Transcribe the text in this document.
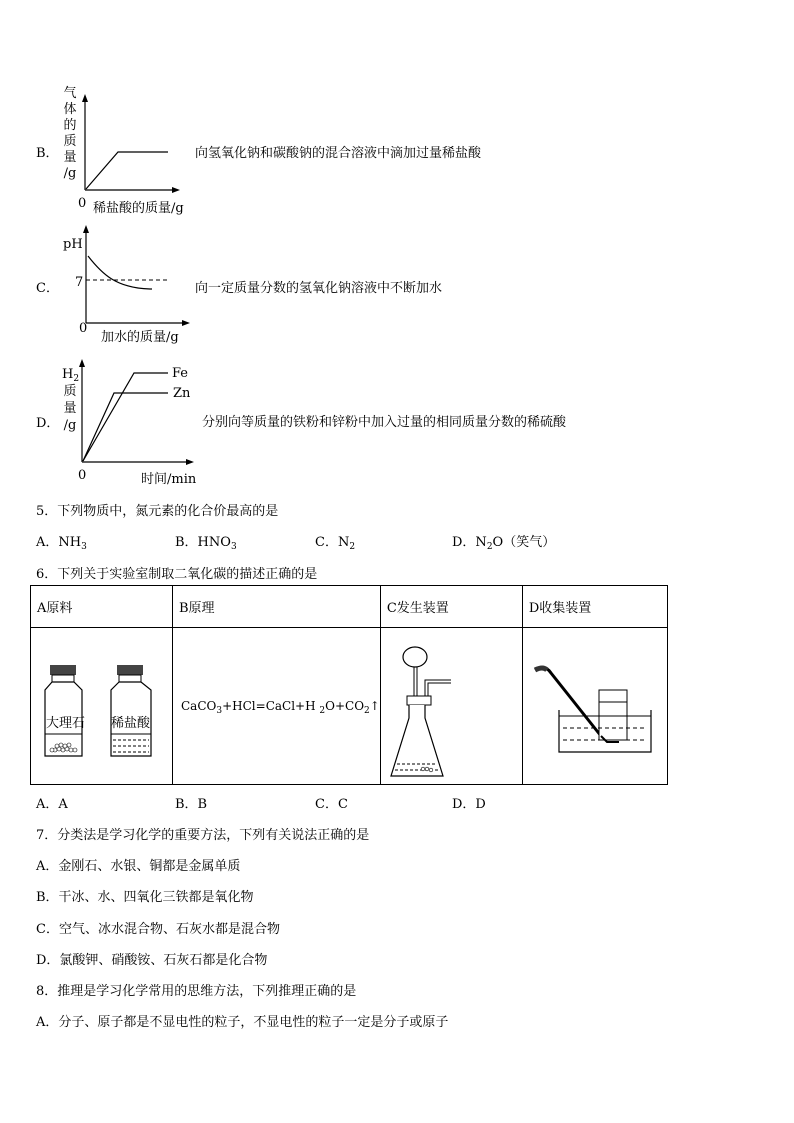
B．
气
体
的
质
量
/g
0 稀盐酸的质量/g
向氢氧化钠和碳酸钠的混合溶液中滴加过量稀盐酸
C．
pH
7
0
加水的质量/g
向一定质量分数的氢氧化钠溶液中不断加水
D．
$H_2$
质
量
/g
Fe
Zn
0	时间/min
分别向等质量的铁粉和锌粉中加入过量的相同质量分数的稀硫酸
5．下列物质中，氮元素的化合价最高的是
A．$NH_3$	B．$HNO_3$	C．$N_2$	D．$N_2O$（笑气）
6．下列关于实验室制取二氧化碳的描述正确的是
A原料	B原理	C发生装置	D收集装置

大理石 稀盐酸	CaCO$_3$+HCl=CaCl+H $_2O+CO_2↑$	

A．A	B．B	C．C	D．D
7．分类法是学习化学的重要方法，下列有关说法正确的是
A．金刚石、水银、铜都是金属单质
B．干冰、水、四氧化三铁都是氧化物
C．空气、冰水混合物、石灰水都是混合物
D．氯酸钾、硝酸铵、石灰石都是化合物
8．推理是学习化学常用的思维方法，下列推理正确的是
A．分子、原子都是不显电性的粒子，不显电性的粒子一定是分子或原子
